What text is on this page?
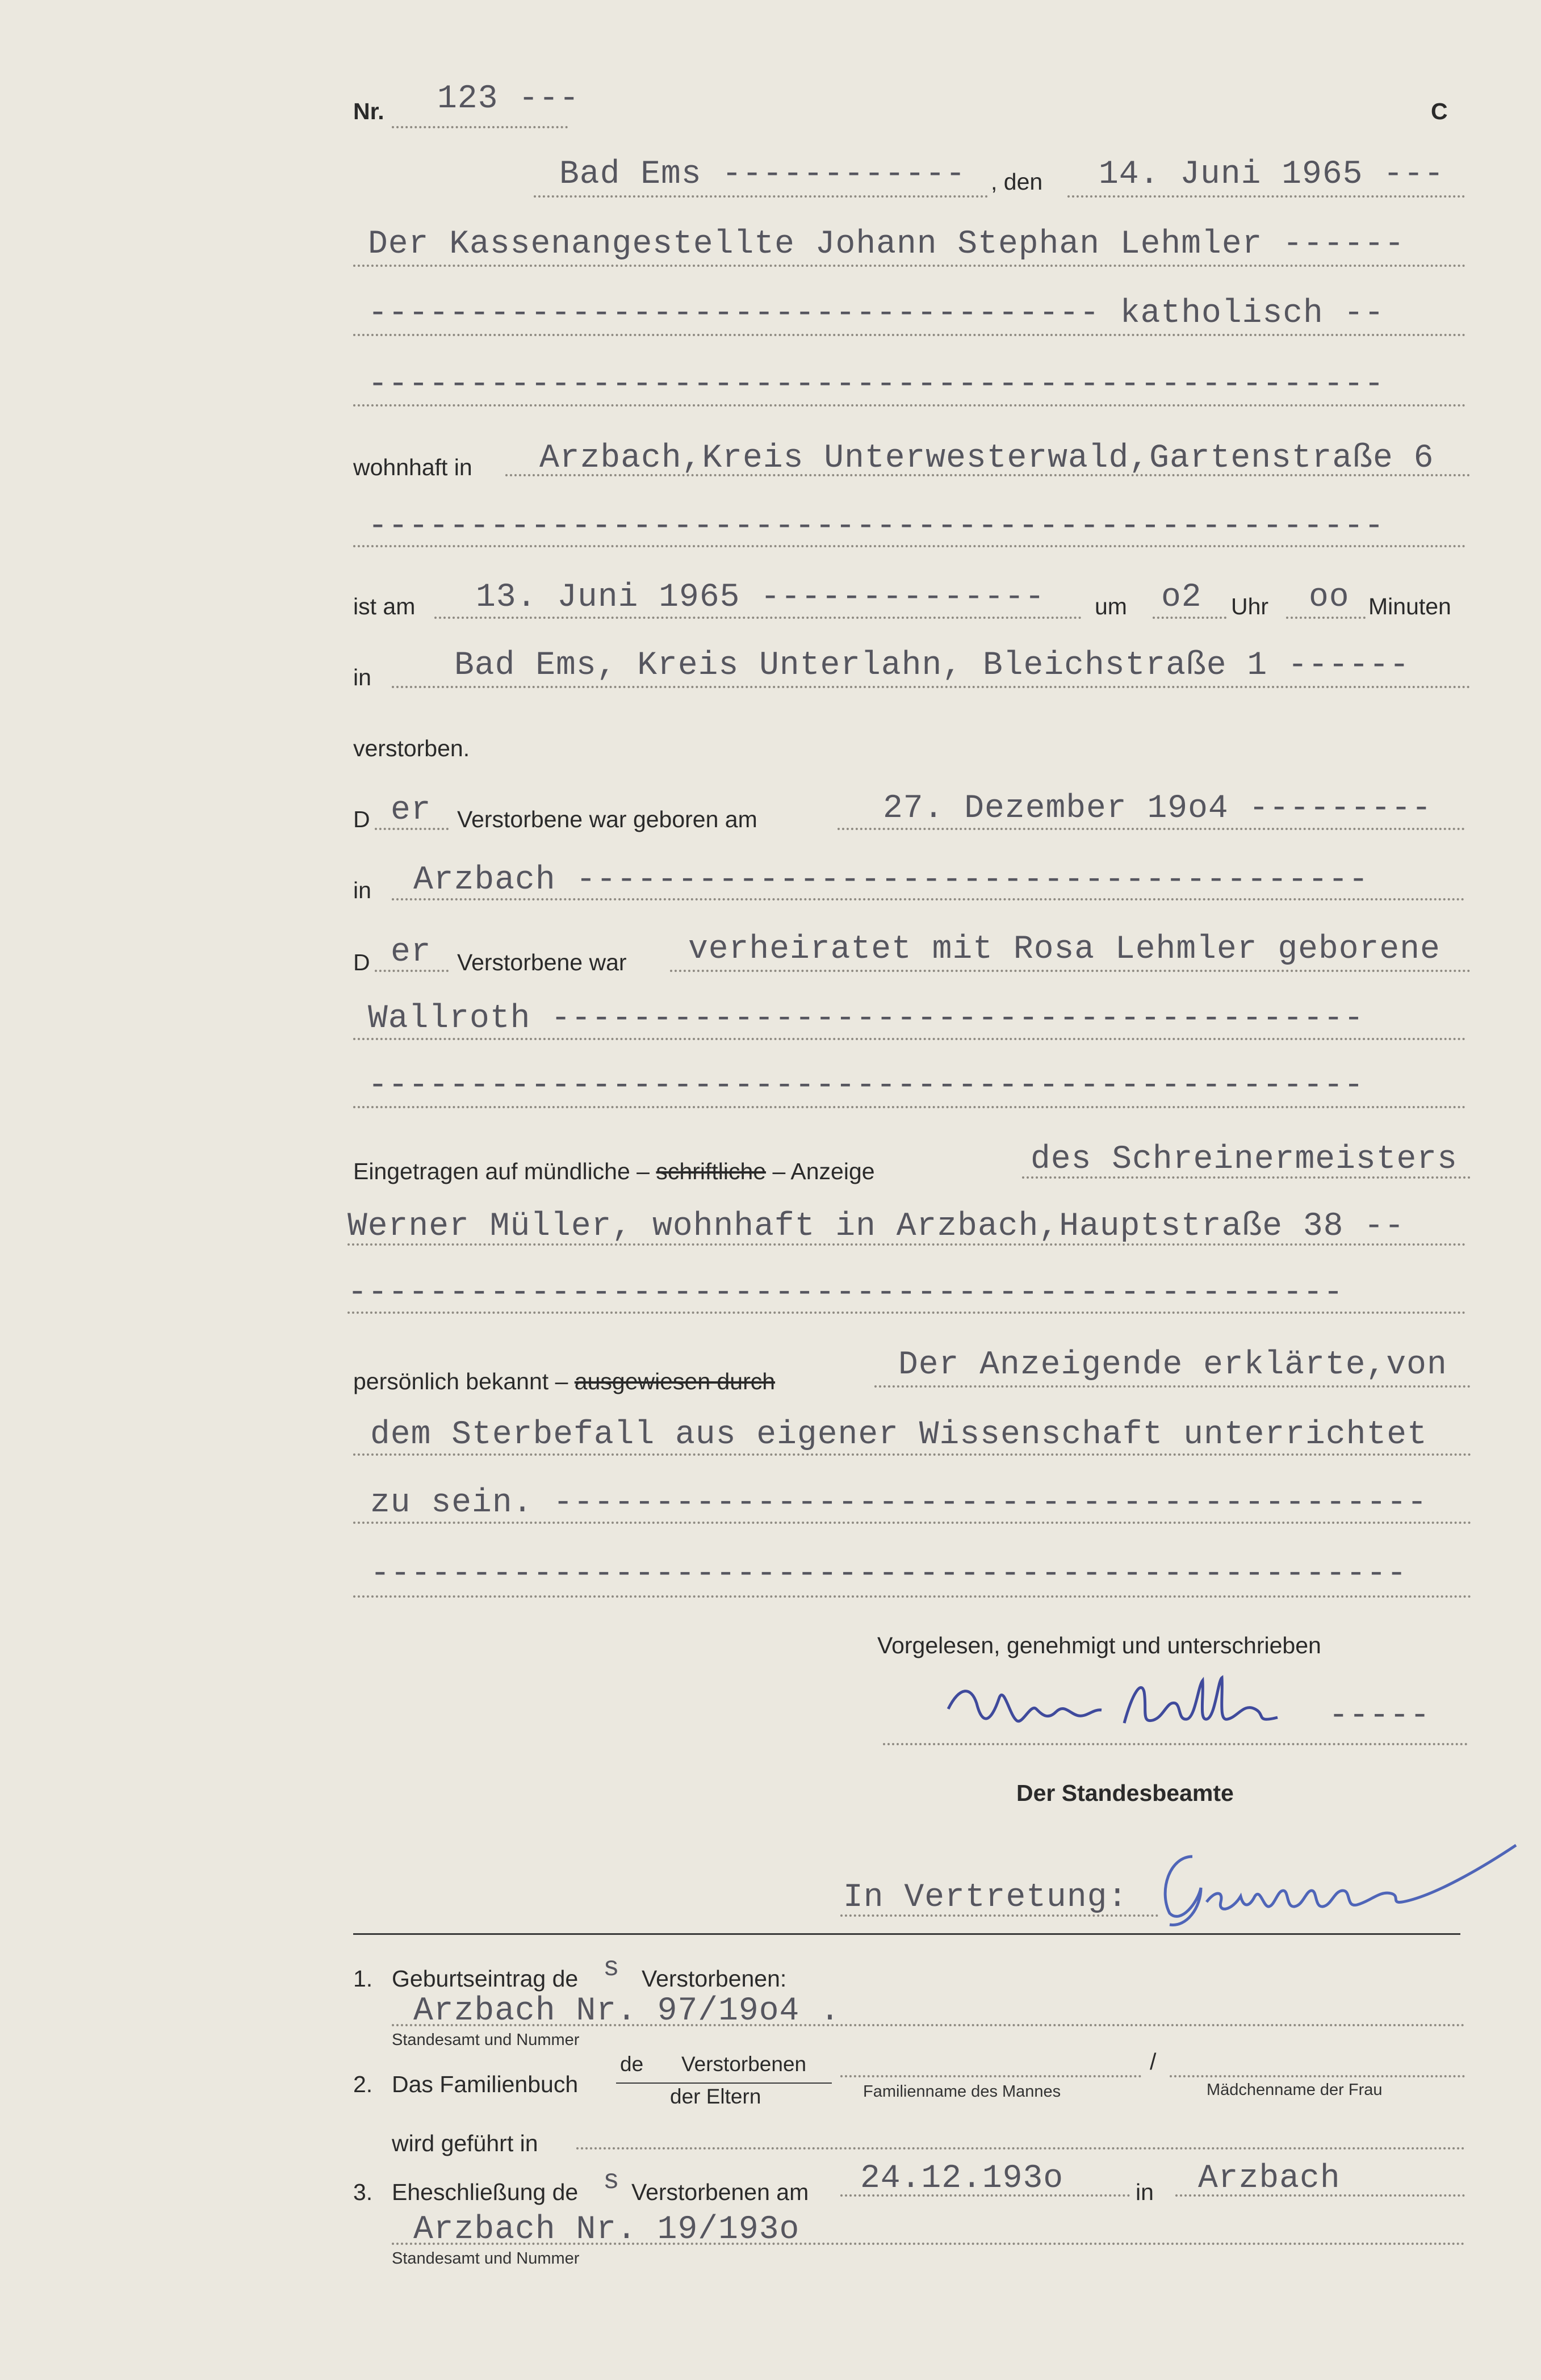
Nr. 123 ---	C
Bad Ems ------------ , den 14. Juni 1965 ---
Der Kassenangestellte Johann Stephan Lehmler ------
------------------------------------ katholisch --
--------------------------------------------------
wohnhaft in Arzbach,Kreis Unterwesterwald,Gartenstraße 6
--------------------------------------------------
ist am 13. Juni 1965 -------------- um o2 Uhr oo Minuten
in	Bad Ems, Kreis Unterlahn, Bleichstraße 1 ------
verstorben.
D er Verstorbene war geboren am	27. Dezember 19o4 ---------
in Arzbach ---------------------------------------
D er Verstorbene war verheiratet mit Rosa Lehmler geborene
Wallroth ----------------------------------------
-------------------------------------------------
Eingetragen auf mündliche – schriftliche – Anzeige	des Schreinermeisters
Werner Müller, wohnhaft in Arzbach,Hauptstraße 38 --
-------------------------------------------------
persönlich bekannt – ausgewiesen durch	Der Anzeigende erklärte,von
dem Sterbefall aus eigener Wissenschaft unterrichtet
zu sein. -------------------------------------------
---------------------------------------------------
Vorgelesen, genehmigt und unterschrieben
-----
Der Standesbeamte
In Vertretung:
1. Geburtseintrag de s Verstorbenen:
Arzbach Nr. 97/19o4 .
Standesamt und Nummer
2. Das Familienbuch
de Verstorbenen
der Eltern	Familienname des Mannes
/
Mädchenname der Frau
wird geführt in
3. Eheschließung de s Verstorbenen am 24.12.193o	in Arzbach
Arzbach Nr. 19/193o
Standesamt und Nummer
